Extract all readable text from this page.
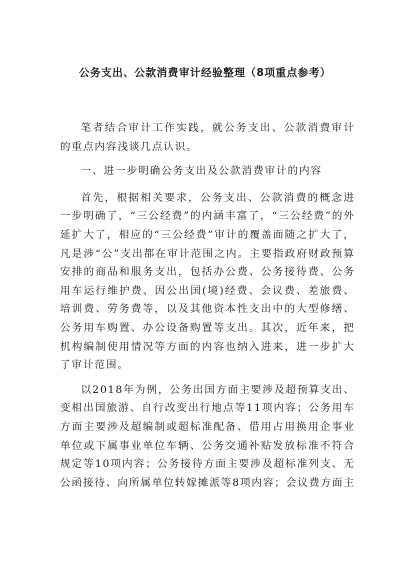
公务支出、公款消费审计经验整理（8项重点参考）

笔者结合审计工作实践，就公务支出、公款消费审计的重点内容浅谈几点认识。

一、进一步明确公务支出及公款消费审计的内容

首先，根据相关要求，公务支出、公款消费的概念进一步明确了，“三公经费”的内涵丰富了，“三公经费”的外延扩大了，相应的“三公经费”审计的覆盖面随之扩大了，凡是涉“公”支出都在审计范围之内。主要指政府财政预算安排的商品和服务支出，包括办公费、公务接待费、公务用车运行维护费、因公出国(境)经费、会议费、差旅费、培训费、劳务费等，以及其他资本性支出中的大型修缮、公务用车购置、办公设备购置等支出。其次，近年来，把机构编制使用情况等方面的内容也纳入进来，进一步扩大了审计范围。

以2018年为例，公务出国方面主要涉及超预算支出、变相出国旅游、自行改变出行地点等11项内容；公务用车方面主要涉及超编制或超标准配备、借用占用换用企事业单位或下属事业单位车辆、公务交通补贴发放标准不符合规定等10项内容；公务接待方面主要涉及超标准列支、无公函接待、向所属单位转嫁摊派等8项内容；会议费方面主
